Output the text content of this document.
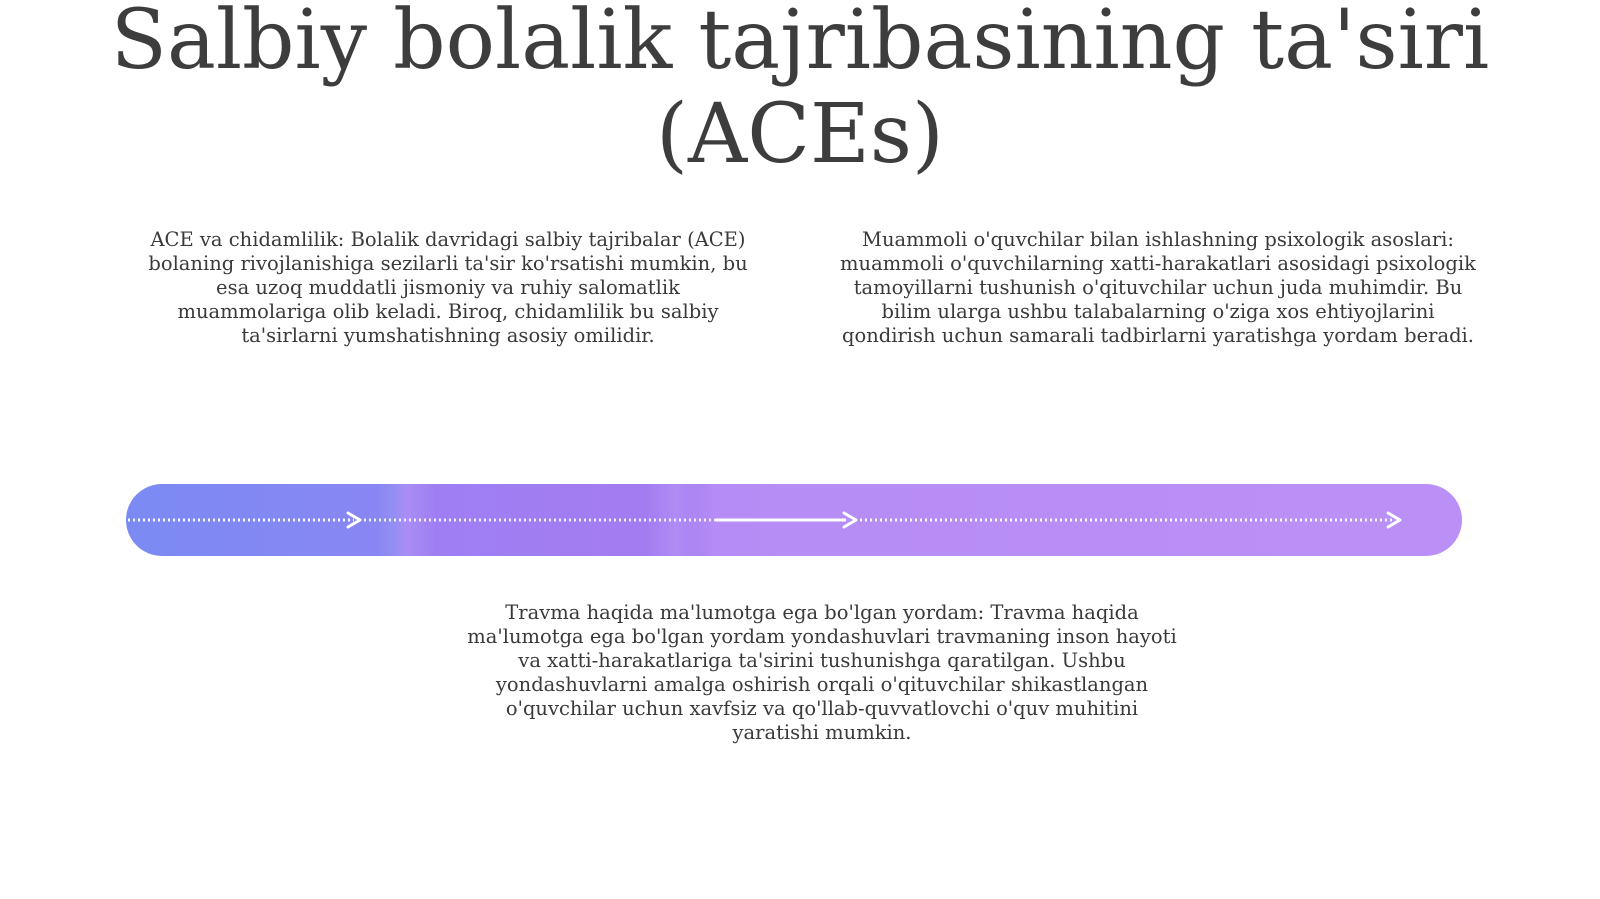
Salbiy bolalik tajribasining ta'siri (ACEs)

ACE va chidamlilik: Bolalik davridagi salbiy tajribalar (ACE) bolaning rivojlanishiga sezilarli ta'sir ko'rsatishi mumkin, bu esa uzoq muddatli jismoniy va ruhiy salomatlik muammolariga olib keladi. Biroq, chidamlilik bu salbiy ta'sirlarni yumshatishning asosiy omilidir.

Muammoli o'quvchilar bilan ishlashning psixologik asoslari: muammoli o'quvchilarning xatti-harakatlari asosidagi psixologik tamoyillarni tushunish o'qituvchilar uchun juda muhimdir. Bu bilim ularga ushbu talabalarning o'ziga xos ehtiyojlarini qondirish uchun samarali tadbirlarni yaratishga yordam beradi.

Travma haqida ma'lumotga ega bo'lgan yordam: Travma haqida ma'lumotga ega bo'lgan yordam yondashuvlari travmaning inson hayoti va xatti-harakatlariga ta'sirini tushunishga qaratilgan. Ushbu yondashuvlarni amalga oshirish orqali o'qituvchilar shikastlangan o'quvchilar uchun xavfsiz va qo'llab-quvvatlovchi o'quv muhitini yaratishi mumkin.
